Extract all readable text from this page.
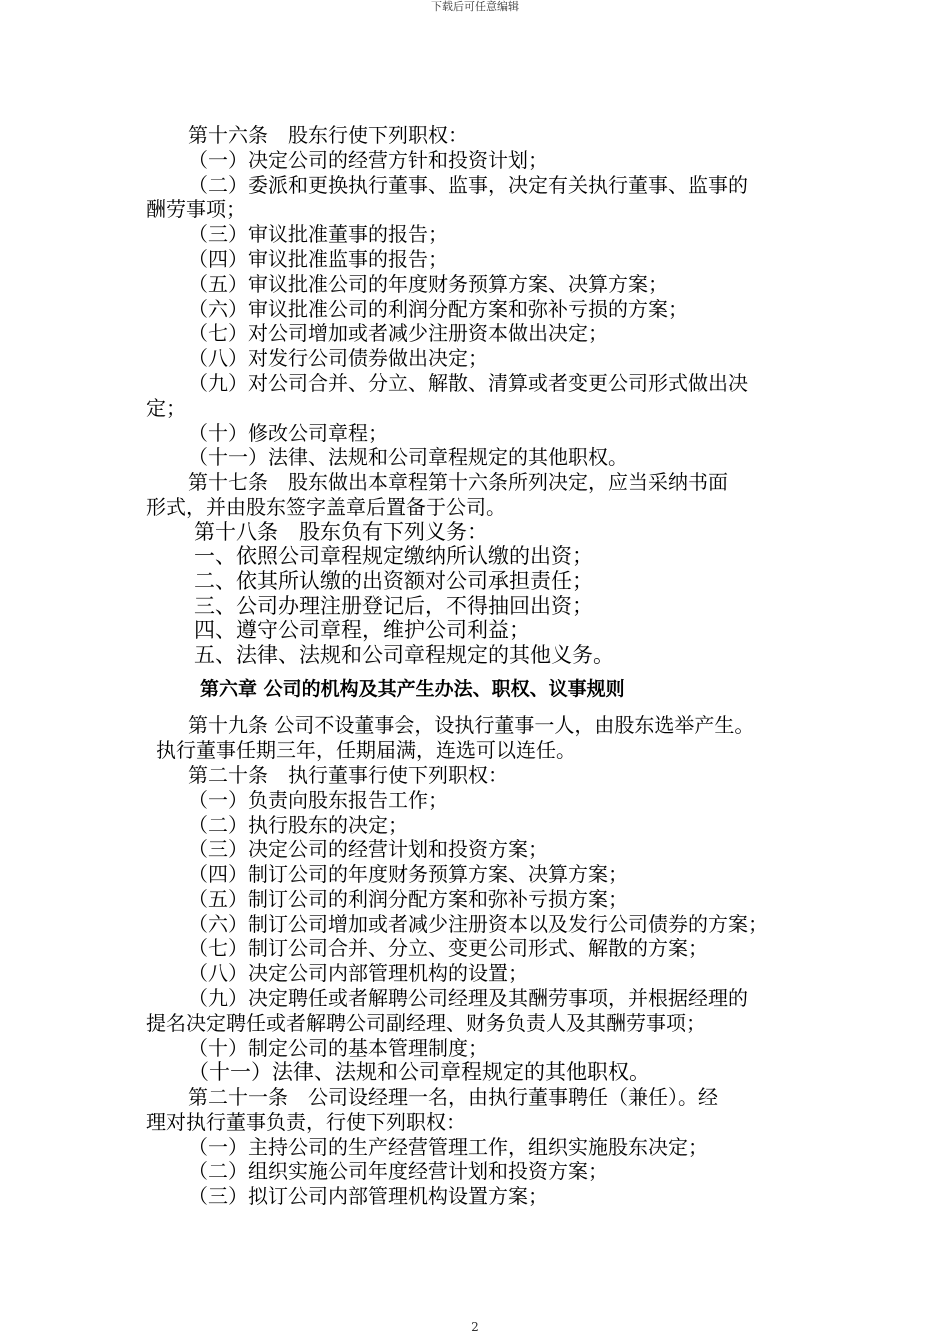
下载后可任意编辑

第十六条　股东行使下列职权：

（一）决定公司的经营方针和投资计划；

（二）委派和更换执行董事、监事，决定有关执行董事、监事的

酬劳事项；

（三）审议批准董事的报告；

（四）审议批准监事的报告；

（五）审议批准公司的年度财务预算方案、决算方案；

（六）审议批准公司的利润分配方案和弥补亏损的方案；

（七）对公司增加或者减少注册资本做出决定；

（八）对发行公司债券做出决定；

（九）对公司合并、分立、解散、清算或者变更公司形式做出决

定；

（十）修改公司章程；

（十一）法律、法规和公司章程规定的其他职权。

第十七条　股东做出本章程第十六条所列决定，应当采纳书面

形式，并由股东签字盖章后置备于公司。

第十八条　股东负有下列义务：

一、依照公司章程规定缴纳所认缴的出资；

二、依其所认缴的出资额对公司承担责任；

三、公司办理注册登记后，不得抽回出资；

四、遵守公司章程，维护公司利益；

五、法律、法规和公司章程规定的其他义务。

第六章 公司的机构及其产生办法、职权、议事规则

第十九条 公司不设董事会，设执行董事一人，由股东选举产生。

执行董事任期三年，任期届满，连选可以连任。

第二十条　执行董事行使下列职权：

（一）负责向股东报告工作；

（二）执行股东的决定；

（三）决定公司的经营计划和投资方案；

（四）制订公司的年度财务预算方案、决算方案；

（五）制订公司的利润分配方案和弥补亏损方案；

（六）制订公司增加或者减少注册资本以及发行公司债券的方案；

（七）制订公司合并、分立、变更公司形式、解散的方案；

（八）决定公司内部管理机构的设置；

（九）决定聘任或者解聘公司经理及其酬劳事项，并根据经理的

提名决定聘任或者解聘公司副经理、财务负责人及其酬劳事项；

（十）制定公司的基本管理制度；

（十一）法律、法规和公司章程规定的其他职权。

第二十一条　公司设经理一名，由执行董事聘任（兼任）。经

理对执行董事负责，行使下列职权：

（一）主持公司的生产经营管理工作，组织实施股东决定；

（二）组织实施公司年度经营计划和投资方案；

（三）拟订公司内部管理机构设置方案；

2
